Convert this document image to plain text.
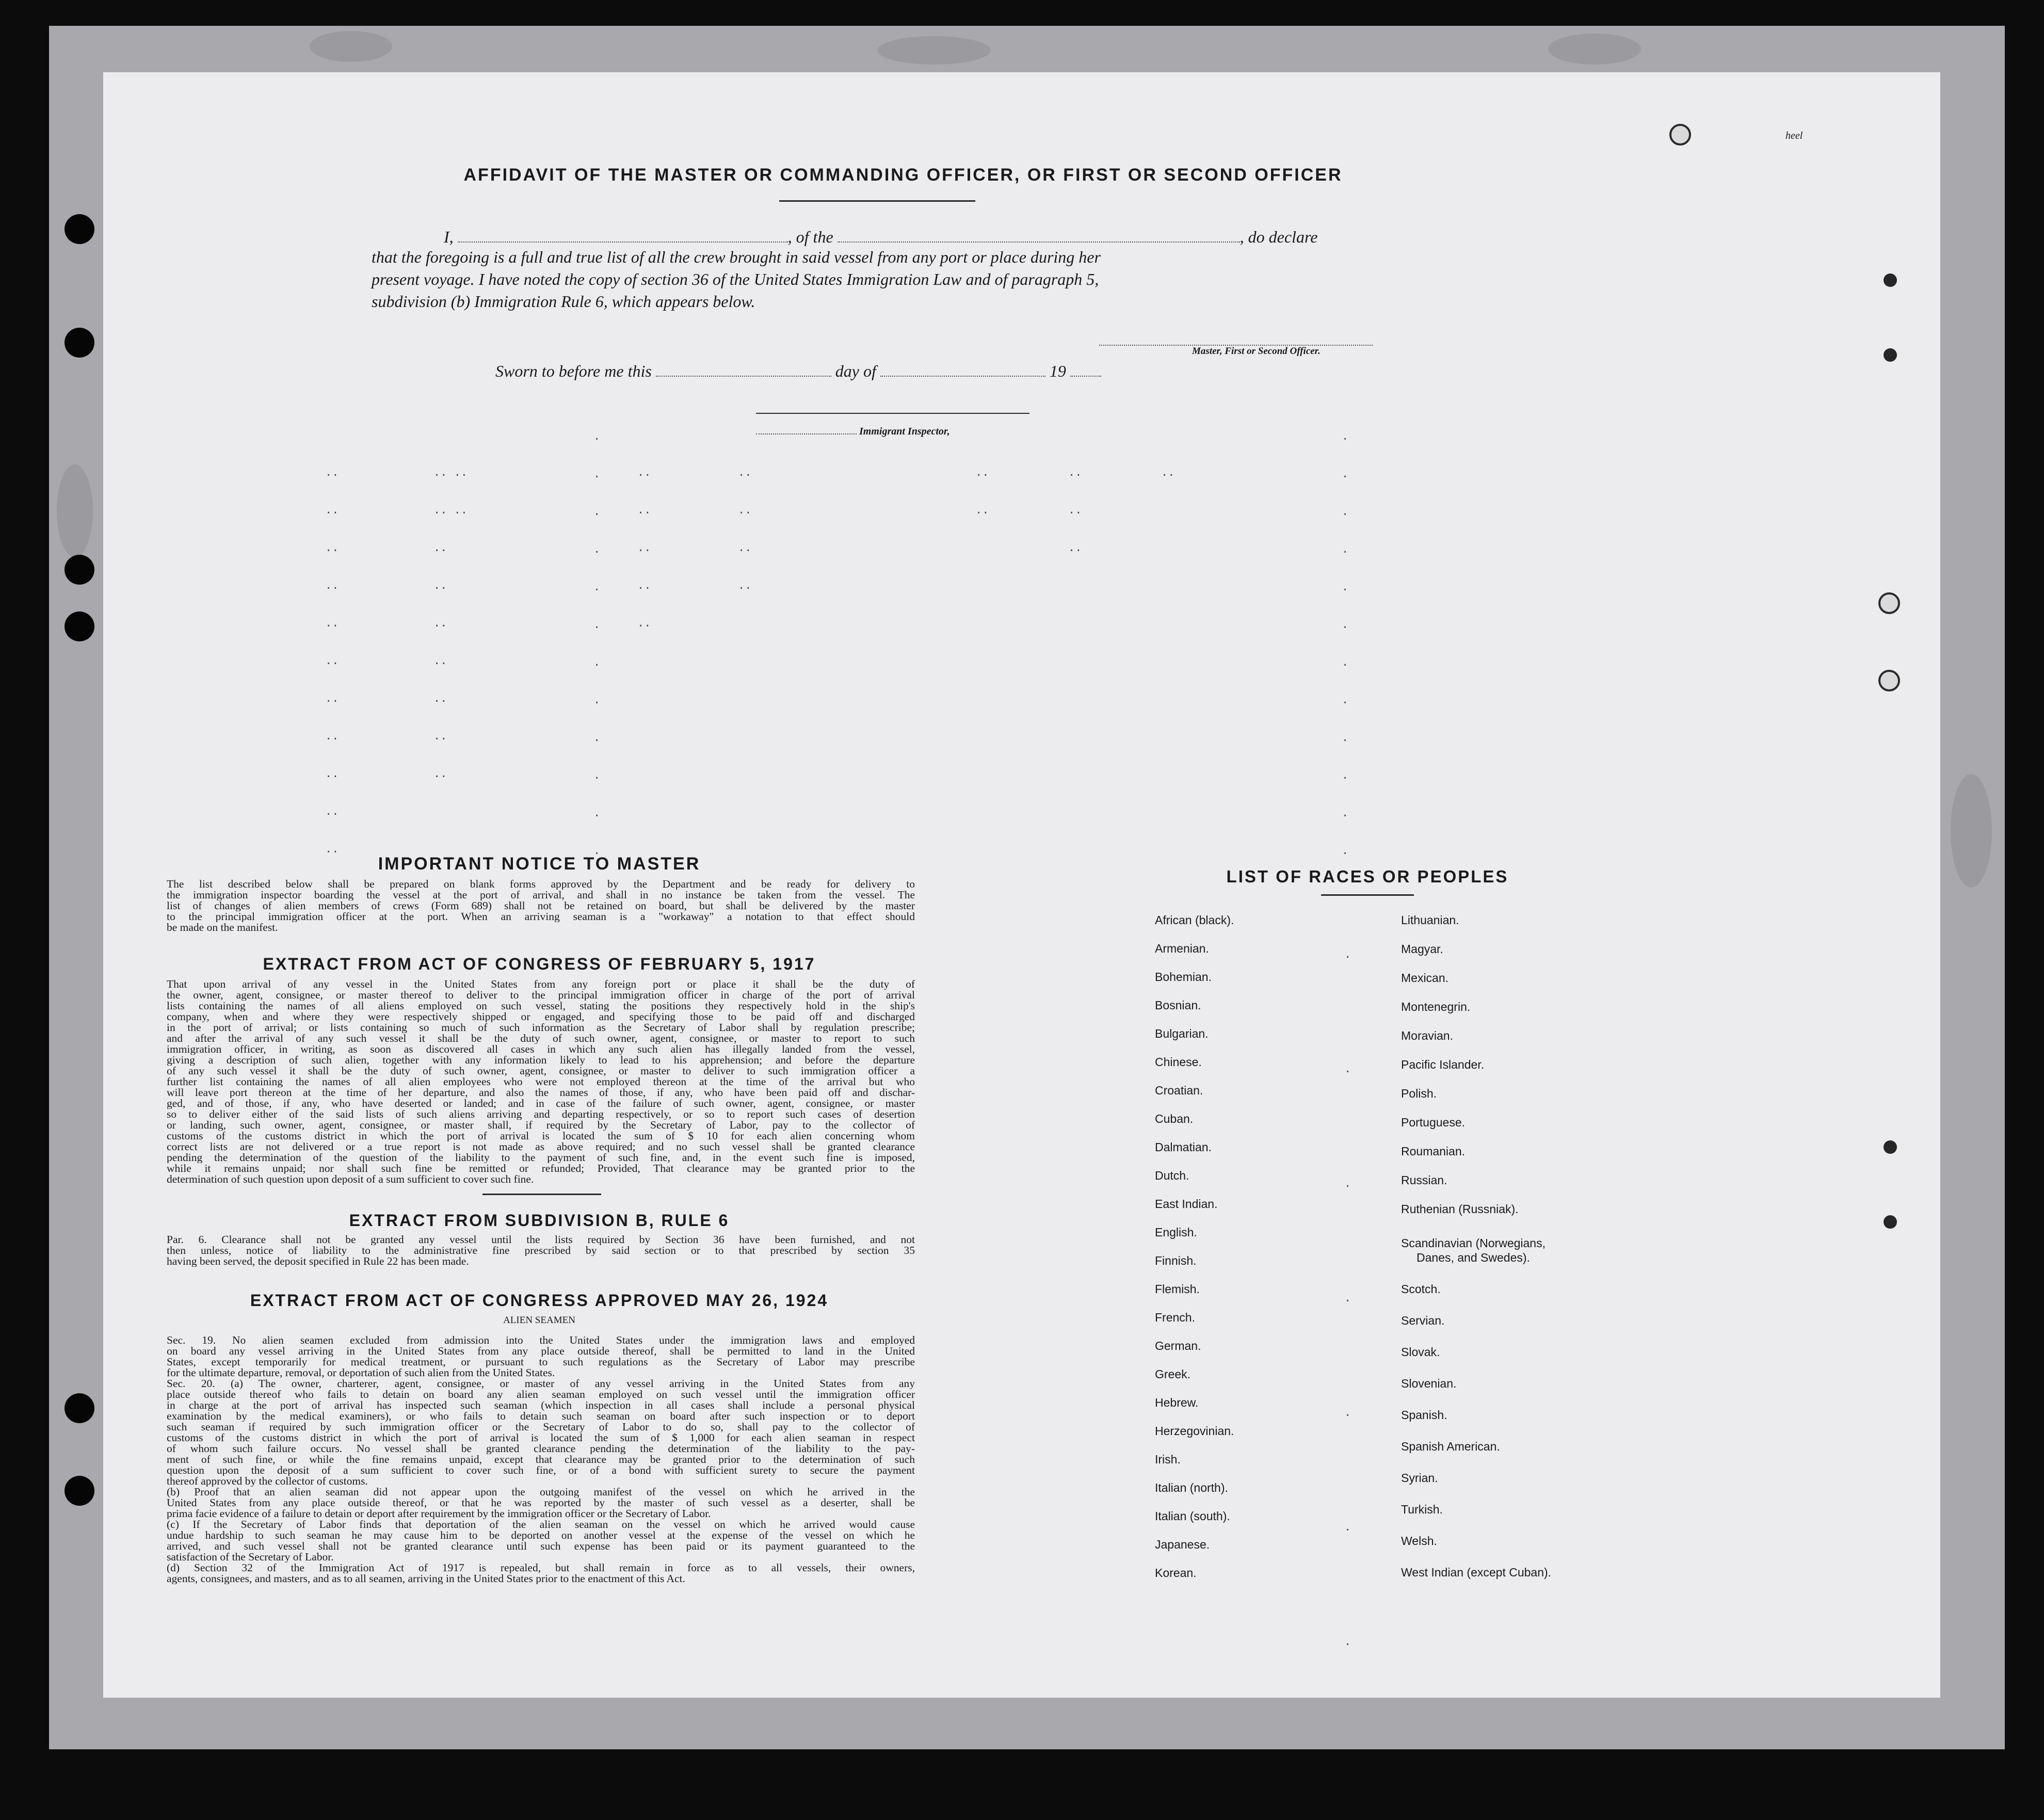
heel
AFFIDAVIT OF THE MASTER OR COMMANDING OFFICER, OR FIRST OR SECOND OFFICER
I,	, of the	, do declare
that the foregoing is a full and true list of all the crew brought in said vessel from any port or place during her
present voyage. I have noted the copy of section 36 of the United States Immigration Law and of paragraph 5,
subdivision (b) Immigration Rule 6, which appears below.
Master, First or Second Officer.
Sworn to before me this	day of	19
Immigrant Inspector,
..
..
..
..
..
..
..
..
..
..
..
.. ..
.. ..
..
..
..
..
..
..
..
.
.
.
.
.
.
.
.
.
.
.
.
..
..
..
..
..
..
..
..
..
..
..
..
..
..
..
.
.
.
.
.
.
.
.
.
.
.
.
IMPORTANT NOTICE TO MASTER
The list described below shall be prepared on blank forms approved by the Department and be ready for delivery to
the immigration inspector boarding the vessel at the port of arrival, and shall in no instance be taken from the vessel. The
list of changes of alien members of crews (Form 689) shall not be retained on board, but shall be delivered by the master
to the principal immigration officer at the port. When an arriving seaman is a "workaway" a notation to that effect should
be made on the manifest.
EXTRACT FROM ACT OF CONGRESS OF FEBRUARY 5, 1917
That upon arrival of any vessel in the United States from any foreign port or place it shall be the duty of
the owner, agent, consignee, or master thereof to deliver to the principal immigration officer in charge of the port of arrival
lists containing the names of all aliens employed on such vessel, stating the positions they respectively hold in the ship's
company, when and where they were respectively shipped or engaged, and specifying those to be paid off and discharged
in the port of arrival; or lists containing so much of such information as the Secretary of Labor shall by regulation prescribe;
and after the arrival of any such vessel it shall be the duty of such owner, agent, consignee, or master to report to such
immigration officer, in writing, as soon as discovered all cases in which any such alien has illegally landed from the vessel,
giving a description of such alien, together with any information likely to lead to his apprehension; and before the departure
of any such vessel it shall be the duty of such owner, agent, consignee, or master to deliver to such immigration officer a
further list containing the names of all alien employees who were not employed thereon at the time of the arrival but who
will leave port thereon at the time of her departure, and also the names of those, if any, who have been paid off and dischar-
ged, and of those, if any, who have deserted or landed; and in case of the failure of such owner, agent, consignee, or master
so to deliver either of the said lists of such aliens arriving and departing respectively, or so to report such cases of desertion
or landing, such owner, agent, consignee, or master shall, if required by the Secretary of Labor, pay to the collector of
customs of the customs district in which the port of arrival is located the sum of $ 10 for each alien concerning whom
correct lists are not delivered or a true report is not made as above required; and no such vessel shall be granted clearance
pending the determination of the question of the liability to the payment of such fine, and, in the event such fine is imposed,
while it remains unpaid; nor shall such fine be remitted or refunded; Provided, That clearance may be granted prior to the
determination of such question upon deposit of a sum sufficient to cover such fine.
EXTRACT FROM SUBDIVISION B, RULE 6
Par. 6. Clearance shall not be granted any vessel until the lists required by Section 36 have been furnished, and not
then unless, notice of liability to the administrative fine prescribed by said section or to that prescribed by section 35
having been served, the deposit specified in Rule 22 has been made.
EXTRACT FROM ACT OF CONGRESS APPROVED MAY 26, 1924
ALIEN SEAMEN
Sec. 19. No alien seamen excluded from admission into the United States under the immigration laws and employed
on board any vessel arriving in the United States from any place outside thereof, shall be permitted to land in the United
States, except temporarily for medical treatment, or pursuant to such regulations as the Secretary of Labor may prescribe
for the ultimate departure, removal, or deportation of such alien from the United States.
Sec. 20. (a) The owner, charterer, agent, consignee, or master of any vessel arriving in the United States from any
place outside thereof who fails to detain on board any alien seaman employed on such vessel until the immigration officer
in charge at the port of arrival has inspected such seaman (which inspection in all cases shall include a personal physical
examination by the medical examiners), or who fails to detain such seaman on board after such inspection or to deport
such seaman if required by such immigration officer or the Secretary of Labor to do so, shall pay to the collector of
customs of the customs district in which the port of arrival is located the sum of $ 1,000 for each alien seaman in respect
of whom such failure occurs. No vessel shall be granted clearance pending the determination of the liability to the pay-
ment of such fine, or while the fine remains unpaid, except that clearance may be granted prior to the determination of such
question upon the deposit of a sum sufficient to cover such fine, or of a bond with sufficient surety to secure the payment
thereof approved by the collector of customs.
(b) Proof that an alien seaman did not appear upon the outgoing manifest of the vessel on which he arrived in the
United States from any place outside thereof, or that he was reported by the master of such vessel as a deserter, shall be
prima facie evidence of a failure to detain or deport after requirement by the immigration officer or the Secretary of Labor.
(c) If the Secretary of Labor finds that deportation of the alien seaman on the vessel on which he arrived would cause
undue hardship to such seaman he may cause him to be deported on another vessel at the expense of the vessel on which he
arrived, and such vessel shall not be granted clearance until such expense has been paid or its payment guaranteed to the
satisfaction of the Secretary of Labor.
(d) Section 32 of the Immigration Act of 1917 is repealed, but shall remain in force as to all vessels, their owners,
agents, consignees, and masters, and as to all seamen, arriving in the United States prior to the enactment of this Act.
LIST OF RACES OR PEOPLES
African (black).
Armenian.
Bohemian.
Bosnian.
Bulgarian.
Chinese.
Croatian.
Cuban.
Dalmatian.
Dutch.
East Indian.
English.
Finnish.
Flemish.
French.
German.
Greek.
Hebrew.
Herzegovinian.
Irish.
Italian (north).
Italian (south).
Japanese.
Korean.
Lithuanian.
Magyar.
Mexican.
Montenegrin.
Moravian.
Pacific Islander.
Polish.
Portuguese.
Roumanian.
Russian.
Ruthenian (Russniak).
Scandinavian (Norwegians,
Danes, and Swedes).
Scotch.
Servian.
Slovak.
Slovenian.
Spanish.
Spanish American.
Syrian.
Turkish.
Welsh.
West Indian (except Cuban).
.
.
.
.
.
.
.
